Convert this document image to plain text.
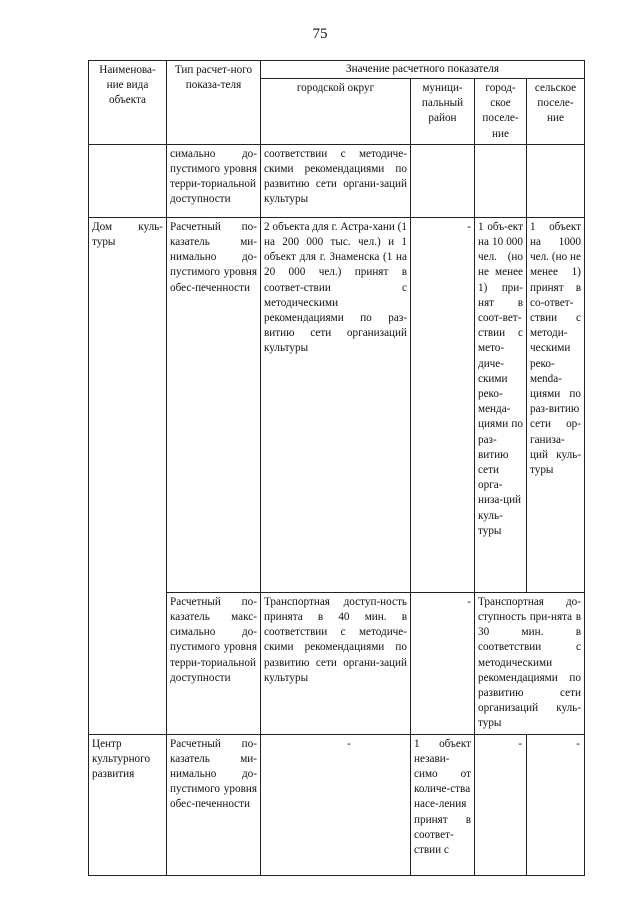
75
Наименова-ние вида объекта	Тип расчет-ного показа-теля	Значение расчетного показателя			
		городской округ	муници-пальный район	город-ское поселе-ние	сельское поселе-ние
	симально до-пустимого уровня терри-ториальной доступности	соответствии с методиче-скими рекомендациями по развитию сети органи-заций культуры			
Дом куль-туры	Расчетный по-казатель ми-нимально до-пустимого уровня обес-печенности	2 объекта для г. Астра-хани (1 на 200 000 тыс. чел.) и 1 объект для г. Знаменска (1 на 20 000 чел.) принят в соответ-ствии с методическими рекомендациями по раз-витию сети организаций культуры	-	1 объ-ект на 10 000 чел. (но не менее 1) при-нят в соот-вет-ствии с мето-диче-скими реко-менда-циями по раз-витию сети орга-низа-ций куль-туры	1 объект на 1000 чел. (но не менее 1) принят в со-ответ-ствии с методи-ческими реко-мenda-циями по раз-витию сети ор-ганиза-ций куль-туры
	Расчетный по-казатель макс-симально до-пустимого уровня терри-ториальной доступности	Транспортная доступ-ность принята в 40 мин. в соответствии с методиче-скими рекомендациями по развитию сети органи-заций культуры	-	Транспортная до-ступность при-нята в 30 мин. в соответствии с методическими рекомендациями по развитию сети организаций куль-туры	
Центр культурного развития	Расчетный по-казатель ми-нимально до-пустимого уровня обес-печенности	-	1 объект незави-симо от количе-ства насе-ления принят в соответ-ствии с	-	-
